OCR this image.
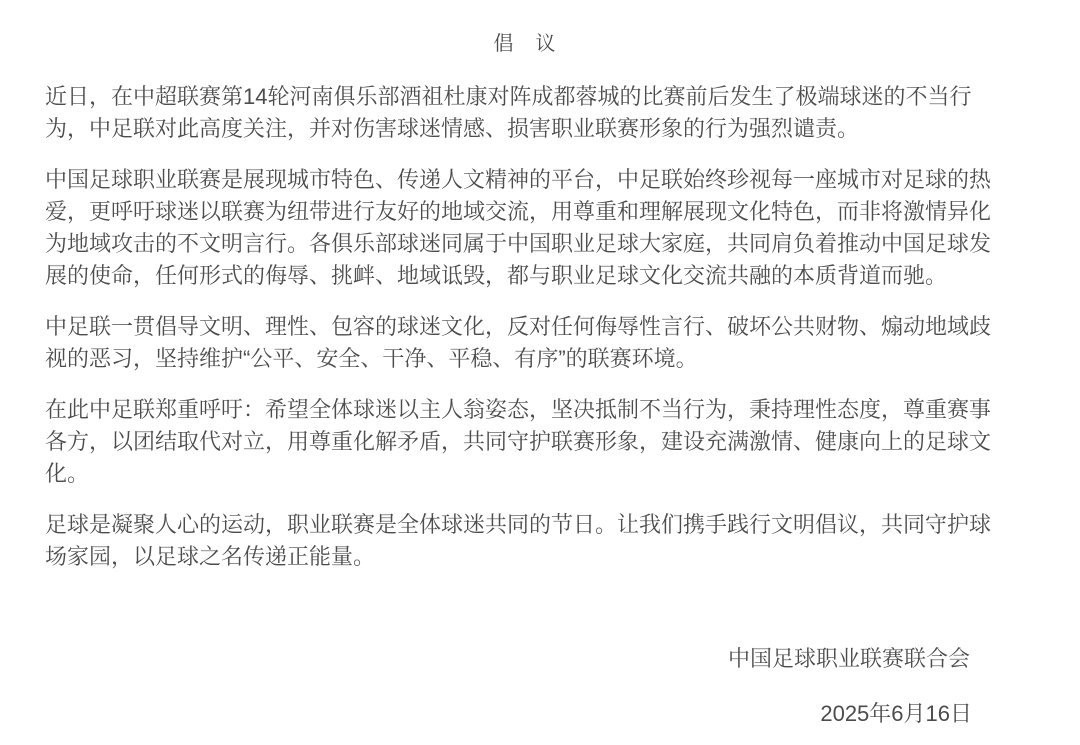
倡　议

近日，在中超联赛第14轮河南俱乐部酒祖杜康对阵成都蓉城的比赛前后发生了极端球迷的不当行为，中足联对此高度关注，并对伤害球迷情感、损害职业联赛形象的行为强烈谴责。

中国足球职业联赛是展现城市特色、传递人文精神的平台，中足联始终珍视每一座城市对足球的热爱，更呼吁球迷以联赛为纽带进行友好的地域交流，用尊重和理解展现文化特色，而非将激情异化为地域攻击的不文明言行。各俱乐部球迷同属于中国职业足球大家庭，共同肩负着推动中国足球发展的使命，任何形式的侮辱、挑衅、地域诋毁，都与职业足球文化交流共融的本质背道而驰。

中足联一贯倡导文明、理性、包容的球迷文化，反对任何侮辱性言行、破坏公共财物、煽动地域歧视的恶习，坚持维护“公平、安全、干净、平稳、有序”的联赛环境。

在此中足联郑重呼吁：希望全体球迷以主人翁姿态，坚决抵制不当行为，秉持理性态度，尊重赛事各方，以团结取代对立，用尊重化解矛盾，共同守护联赛形象，建设充满激情、健康向上的足球文化。

足球是凝聚人心的运动，职业联赛是全体球迷共同的节日。让我们携手践行文明倡议，共同守护球场家园，以足球之名传递正能量。

中国足球职业联赛联合会
2025年6月16日
